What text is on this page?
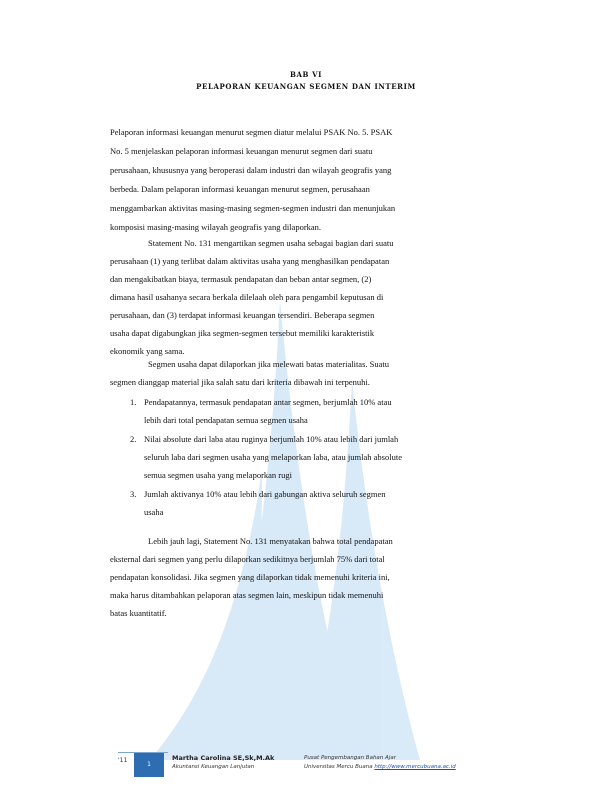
BAB VI
PELAPORAN KEUANGAN SEGMEN DAN INTERIM
Pelaporan informasi keuangan menurut segmen diatur melalui PSAK No. 5. PSAK
No. 5 menjelaskan pelaporan informasi keuangan menurut segmen dari suatu
perusahaan, khususnya yang beroperasi dalam industri dan wilayah geografis yang
berbeda. Dalam pelaporan informasi keuangan menurut segmen, perusahaan
menggambarkan aktivitas masing-masing segmen-segmen industri dan menunjukan
komposisi masing-masing wilayah geografis yang dilaporkan.
Statement No. 131 mengartikan segmen usaha sebagai bagian dari suatu
perusahaan (1) yang terlibat dalam aktivitas usaha yang menghasilkan pendapatan
dan mengakibatkan biaya, termasuk pendapatan dan beban antar segmen, (2)
dimana hasil usahanya secara berkala dilelaah oleh para pengambil keputusan di
perusahaan, dan (3) terdapat informasi keuangan tersendiri. Beberapa segmen
usaha dapat digabungkan jika segmen-segmen tersebut memiliki karakteristik
ekonomik yang sama.
Segmen usaha dapat dilaporkan jika melewati batas materialitas. Suatu
segmen dianggap material jika salah satu dari kriteria dibawah ini terpenuhi.
1. Pendapatannya, termasuk pendapatan antar segmen, berjumlah 10% atau
lebih dari total pendapatan semua segmen usaha
2. Nilai absolute dari laba atau ruginya berjumlah 10% atau lebih dari jumlah
seluruh laba dari segmen usaha yang melaporkan laba, atau jumlah absolute
semua segmen usaha yang melaporkan rugi
3. Jumlah aktivanya 10% atau lebih dari gabungan aktiva seluruh segmen
usaha
Lebih jauh lagi, Statement No. 131 menyatakan bahwa total pendapatan
eksternal dari segmen yang perlu dilaporkan sedikitnya berjumlah 75% dari total
pendapatan konsolidasi. Jika segmen yang dilaporkan tidak memenuhi kriteria ini,
maka harus ditambahkan pelaporan atas segmen lain, meskipun tidak memenuhi
batas kuantitatif.
'11
1
Martha Carolina SE,Sk,M.Ak
Akuntansi Keuangan Lanjutan
Pusat Pengembangan Bahan Ajar
Universitas Mercu Buana http://www.mercubuana.ac.id
